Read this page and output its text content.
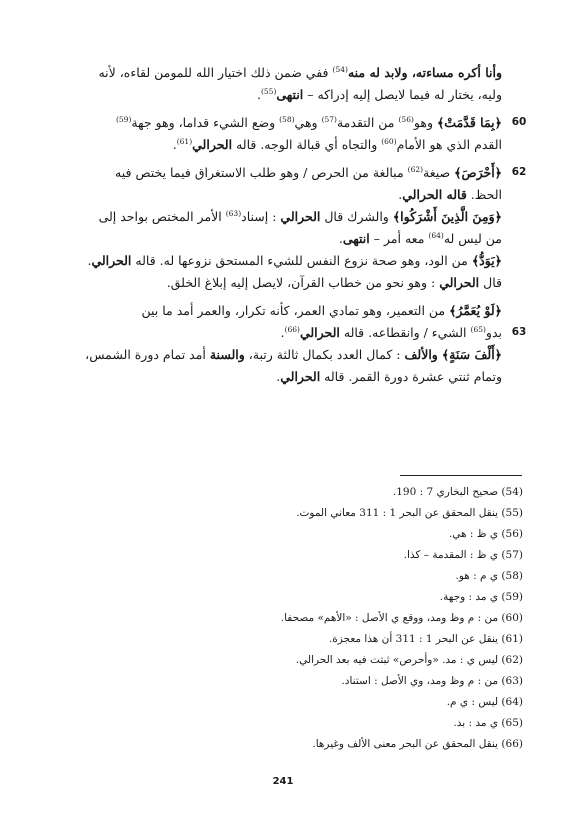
وأنا أكره مساءته، ولابد له منه$^{(54)}$ ففي ضمن ذلك اختيار الله للمومن لقاءه، لأنه
وليه، يختار له فيما لايصل إليه إدراكه – انتهى$^{(55)}$.
﴿بِمَا قَدَّمَتْ﴾ وهو$^{(56)}$ من التقدمة$^{(57)}$ وهي$^{(58)}$ وضع الشيء قداما، وهو جهة$^{(59)}$
القدم الذي هو الأمام$^{(60)}$ والتجاه أي قبالة الوجه. قاله الحرالي$^{(61)}$.
﴿أَحْرَصَ﴾ صيغة$^{(62)}$ مبالغة من الحرص / وهو طلب الاستغراق فيما يختص فيه
الحظ. قاله الحرالي.
﴿وَمِنَ الَّذِينَ أَشْرَكُوا﴾ والشرك قال الحرالي : إسناد$^{(63)}$ الأمر المختص بواحد إلى
من ليس له$^{(64)}$ معه أمر – انتهى.
﴿يَوَدُّ﴾ من الود، وهو صحة نزوع النفس للشيء المستحق نزوعها له. قاله الحرالي.
قال الحرالي : وهو نحو من خطاب القرآن، لايصل إليه إبلاغ الخلق.
﴿لَوْ يُعَمَّرُ﴾ من التعمير، وهو تمادي العمر، كأنه تكرار، والعمر أمد ما بين
بدو$^{(65)}$ الشيء / وانقطاعه. قاله الحرالي$^{(66)}$.
﴿أَلْفَ سَنَةٍ﴾ والألف : كمال العدد بكمال ثالثة رتبة، والسنة أمد تمام دورة الشمس،
وتمام ثنتي عشرة دورة القمر. قاله الحرالي.
(54) صحيح البخاري 7 : 190.
(55) ينقل المحقق عن البحر 1 : 311 معاني الموت.
(56) ي ظ : هي.
(57) ي ظ : المقدمة – كذا.
(58) ي م : هو.
(59) ي مد : وجهة.
(60) من : م وظ ومد، ووقع ي الأصل : «الأهم» مصحفا.
(61) ينقل عن البحر 1 : 311 أن هذا معجزة.
(62) ليس ي : مد. «وأحرص» ثبتت فيه بعد الحرالي.
(63) من : م وظ ومد، وي الأصل : استناد.
(64) ليس : ي م.
(65) ي مد : بد.
(66) ينقل المحقق عن البحر معنى الألف وغيرها.
241
60
62
63
